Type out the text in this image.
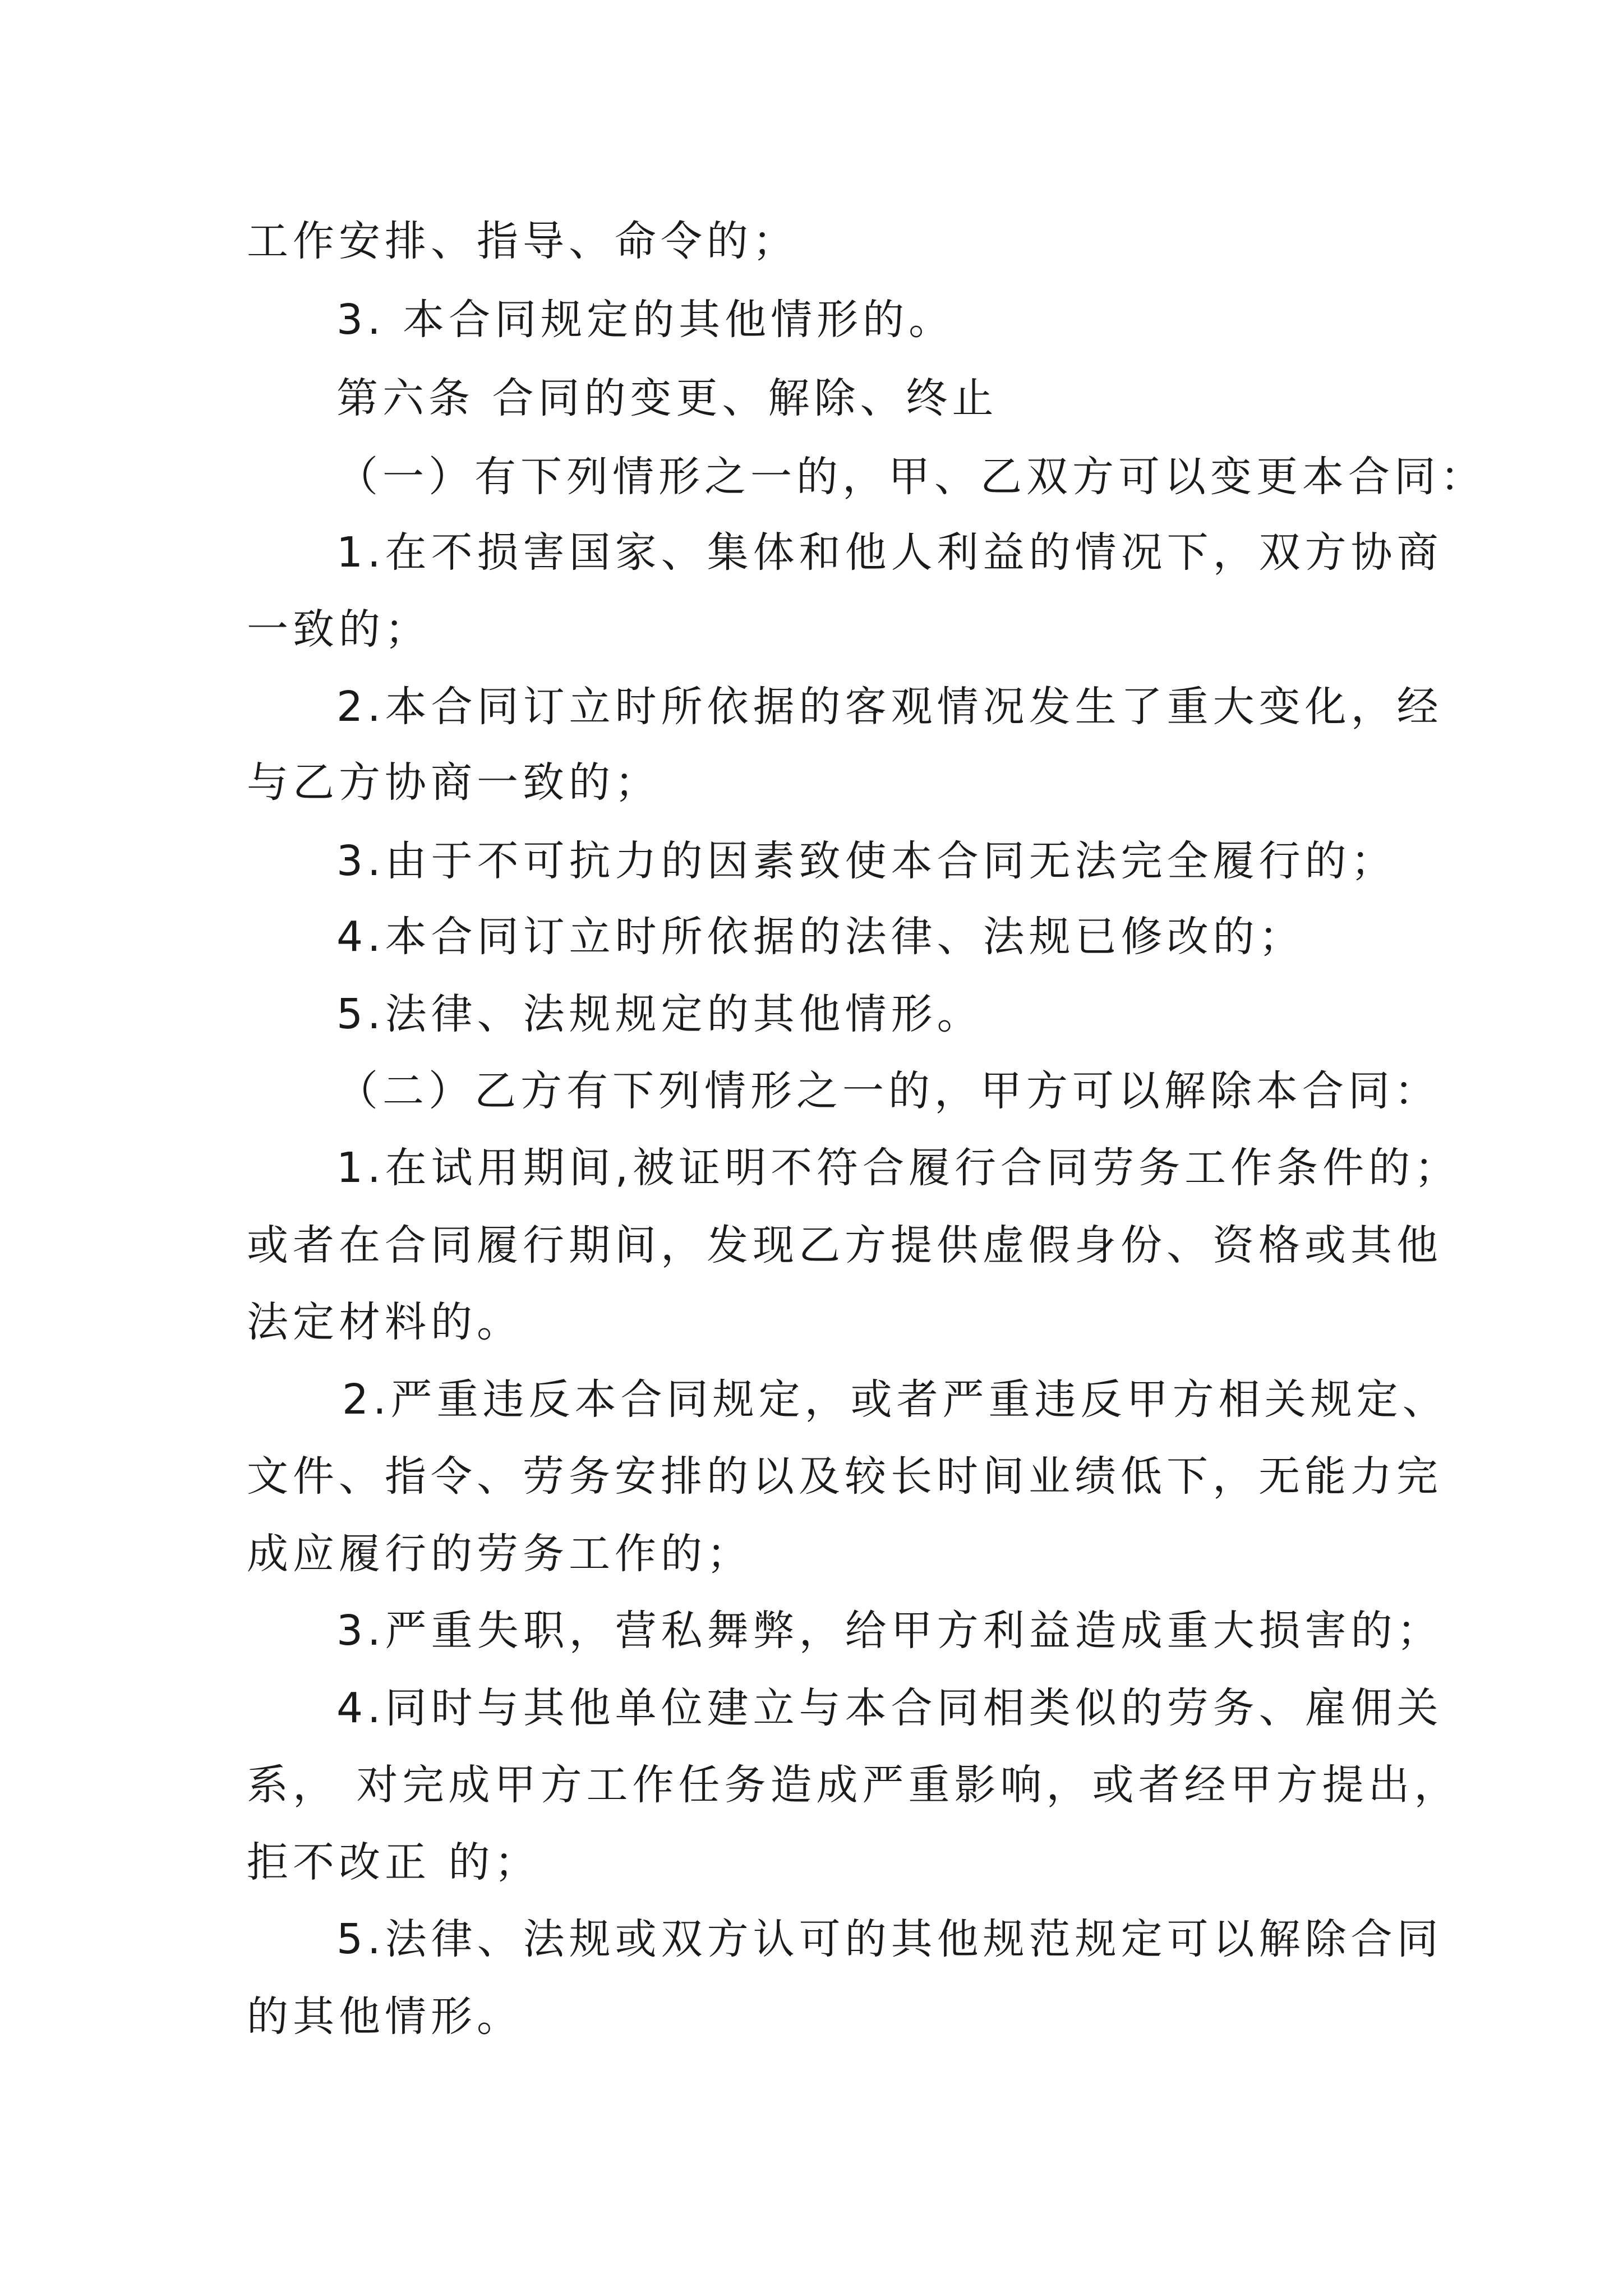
工作安排、指导、命令的；
3. 本合同规定的其他情形的。
第六条 合同的变更、解除、终止
（一）有下列情形之一的，甲、乙双方可以变更本合同：
1.在不损害国家、集体和他人利益的情况下，双方协商
一致的；
2.本合同订立时所依据的客观情况发生了重大变化，经
与乙方协商一致的；
3.由于不可抗力的因素致使本合同无法完全履行的；
4.本合同订立时所依据的法律、法规已修改的；
5.法律、法规规定的其他情形。
（二）乙方有下列情形之一的，甲方可以解除本合同：
1.在试用期间,被证明不符合履行合同劳务工作条件的；
或者在合同履行期间，发现乙方提供虚假身份、资格或其他
法定材料的。
2.严重违反本合同规定，或者严重违反甲方相关规定、
文件、指令、劳务安排的以及较长时间业绩低下，无能力完
成应履行的劳务工作的；
3.严重失职，营私舞弊，给甲方利益造成重大损害的；
4.同时与其他单位建立与本合同相类似的劳务、雇佣关
系， 对完成甲方工作任务造成严重影响，或者经甲方提出，
拒不改正 的；
5.法律、法规或双方认可的其他规范规定可以解除合同
的其他情形。
